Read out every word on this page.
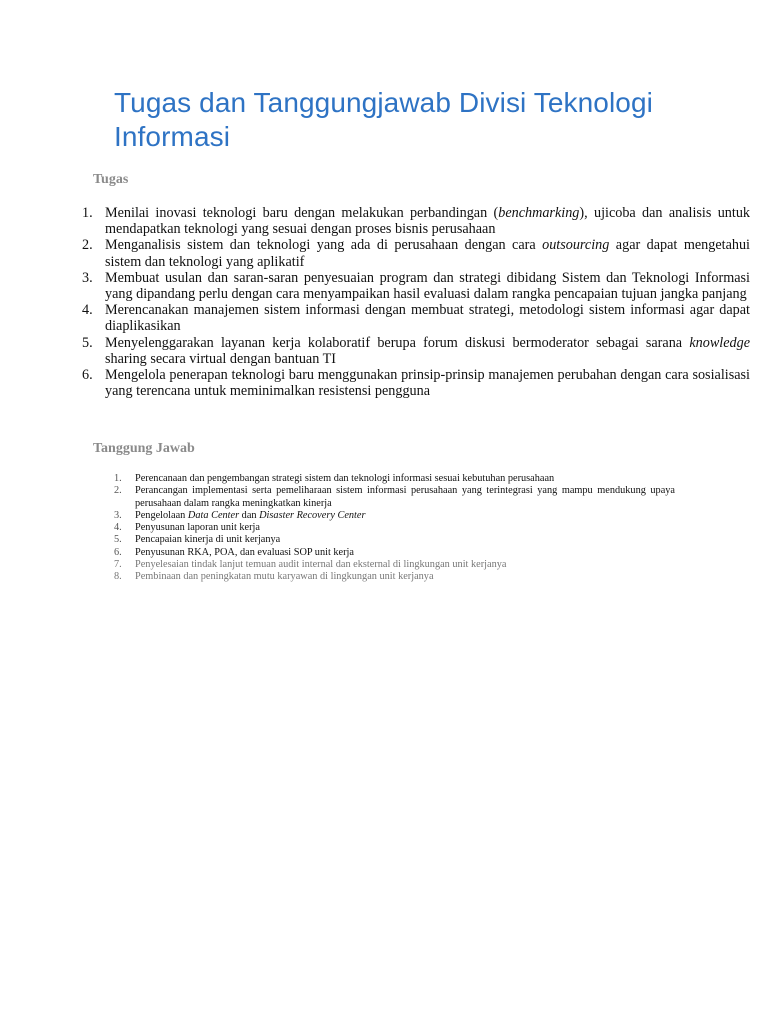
Tugas dan Tanggungjawab Divisi Teknologi Informasi
Tugas
1. Menilai inovasi teknologi baru dengan melakukan perbandingan (benchmarking), ujicoba dan analisis untuk mendapatkan teknologi yang sesuai dengan proses bisnis perusahaan
2. Menganalisis sistem dan teknologi yang ada di perusahaan dengan cara outsourcing agar dapat mengetahui sistem dan teknologi yang aplikatif
3. Membuat usulan dan saran-saran penyesuaian program dan strategi dibidang Sistem dan Teknologi Informasi yang dipandang perlu dengan cara menyampaikan hasil evaluasi dalam rangka pencapaian tujuan jangka panjang
4. Merencanakan manajemen sistem informasi dengan membuat strategi, metodologi sistem informasi agar dapat diaplikasikan
5. Menyelenggarakan layanan kerja kolaboratif berupa forum diskusi bermoderator sebagai sarana knowledge sharing secara virtual dengan bantuan TI
6. Mengelola penerapan teknologi baru menggunakan prinsip-prinsip manajemen perubahan dengan cara sosialisasi yang terencana untuk meminimalkan resistensi pengguna
Tanggung Jawab
1. Perencanaan dan pengembangan strategi sistem dan teknologi informasi sesuai kebutuhan perusahaan
2. Perancangan implementasi serta pemeliharaan sistem informasi perusahaan yang terintegrasi yang mampu mendukung upaya perusahaan dalam rangka meningkatkan kinerja
3. Pengelolaan Data Center dan Disaster Recovery Center
4. Penyusunan laporan unit kerja
5. Pencapaian kinerja di unit kerjanya
6. Penyusunan RKA, POA, dan evaluasi SOP unit kerja
7. Penyelesaian tindak lanjut temuan audit internal dan eksternal di lingkungan unit kerjanya
8. Pembinaan dan peningkatan mutu karyawan di lingkungan unit kerjanya
